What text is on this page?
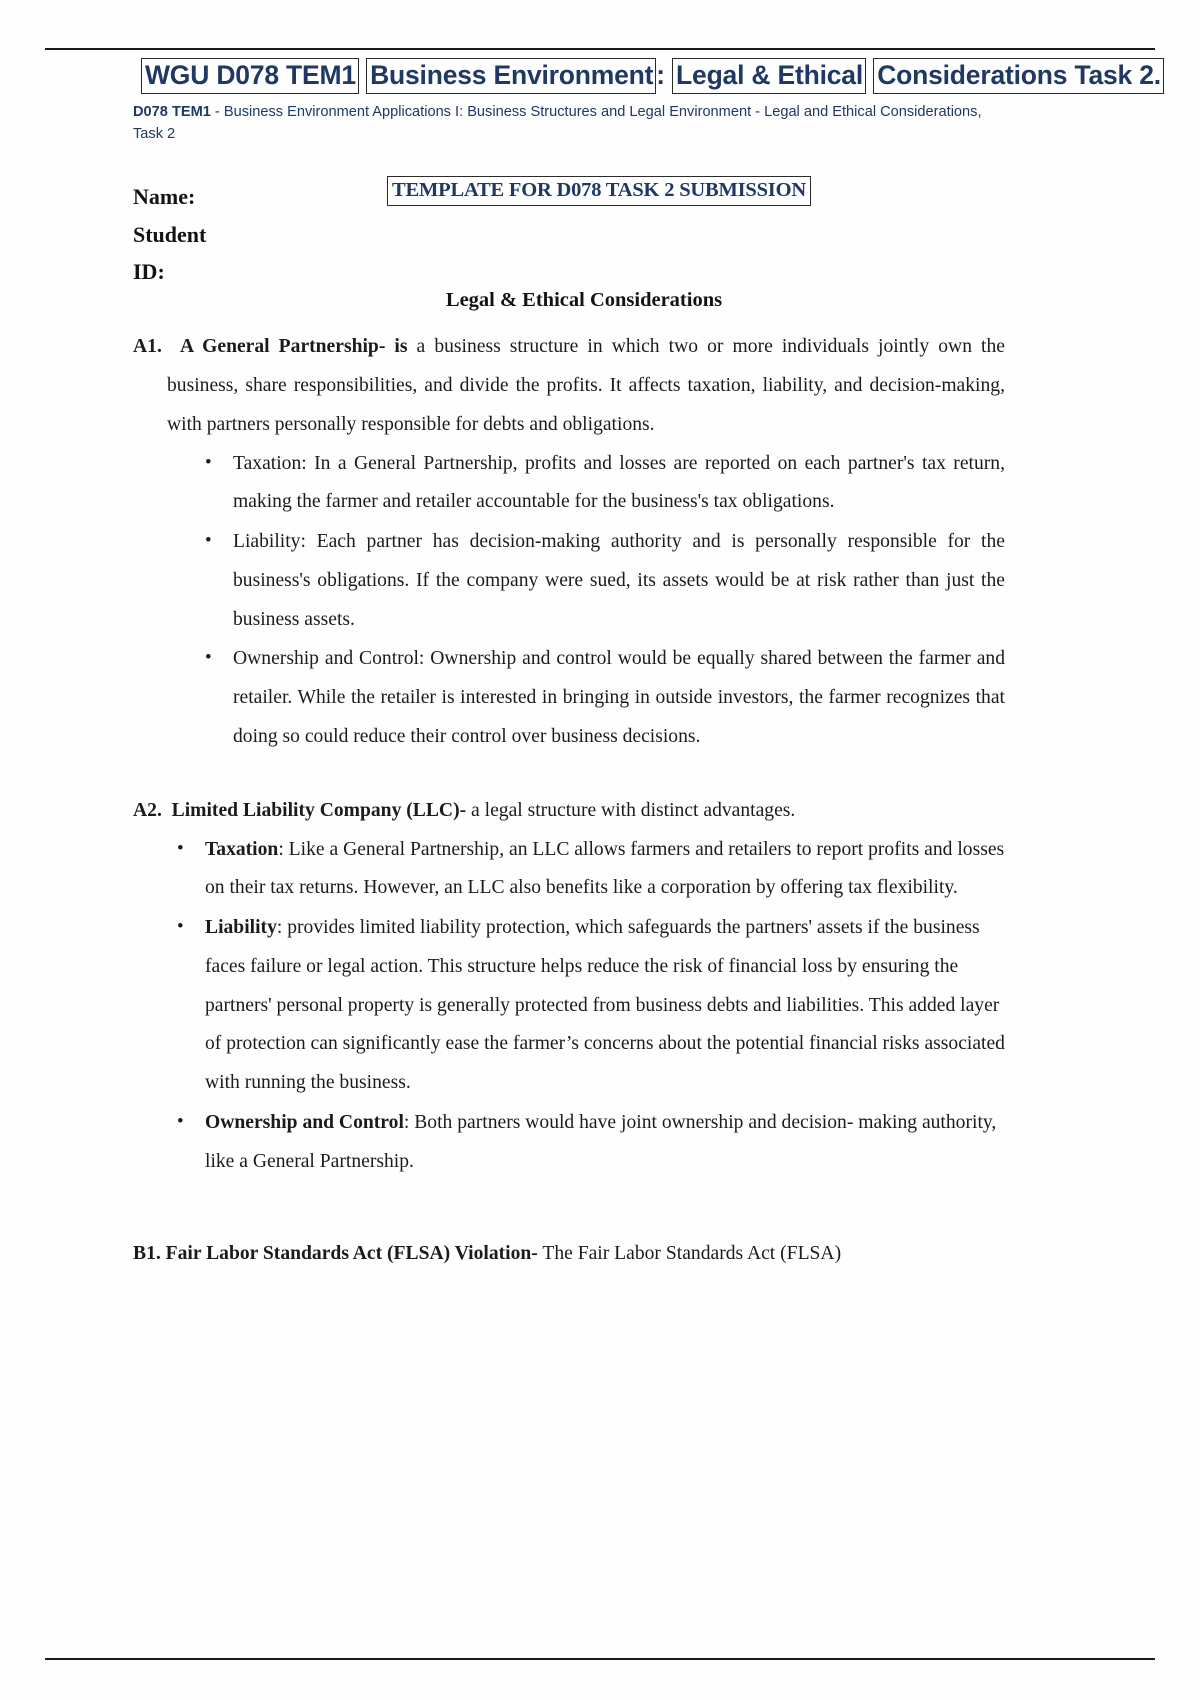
WGU D078 TEM1 Business Environment : Legal & Ethical Considerations Task 2.
D078 TEM1 - Business Environment Applications I: Business Structures and Legal Environment - Legal and Ethical Considerations, Task 2
TEMPLATE FOR D078 TASK 2 SUBMISSION
Name:
Student
ID:
Legal & Ethical Considerations
A1. A General Partnership- is a business structure in which two or more individuals jointly own the business, share responsibilities, and divide the profits. It affects taxation, liability, and decision-making, with partners personally responsible for debts and obligations.
• Taxation: In a General Partnership, profits and losses are reported on each partner's tax return, making the farmer and retailer accountable for the business's tax obligations.
• Liability: Each partner has decision-making authority and is personally responsible for the business's obligations. If the company were sued, its assets would be at risk rather than just the business assets.
• Ownership and Control: Ownership and control would be equally shared between the farmer and retailer. While the retailer is interested in bringing in outside investors, the farmer recognizes that doing so could reduce their control over business decisions.
A2. Limited Liability Company (LLC)- a legal structure with distinct advantages.
• Taxation: Like a General Partnership, an LLC allows farmers and retailers to report profits and losses on their tax returns. However, an LLC also benefits like a corporation by offering tax flexibility.
• Liability: provides limited liability protection, which safeguards the partners' assets if the business faces failure or legal action. This structure helps reduce the risk of financial loss by ensuring the partners' personal property is generally protected from business debts and liabilities. This added layer of protection can significantly ease the farmer’s concerns about the potential financial risks associated with running the business.
• Ownership and Control: Both partners would have joint ownership and decision- making authority, like a General Partnership.
B1. Fair Labor Standards Act (FLSA) Violation- The Fair Labor Standards Act (FLSA)
